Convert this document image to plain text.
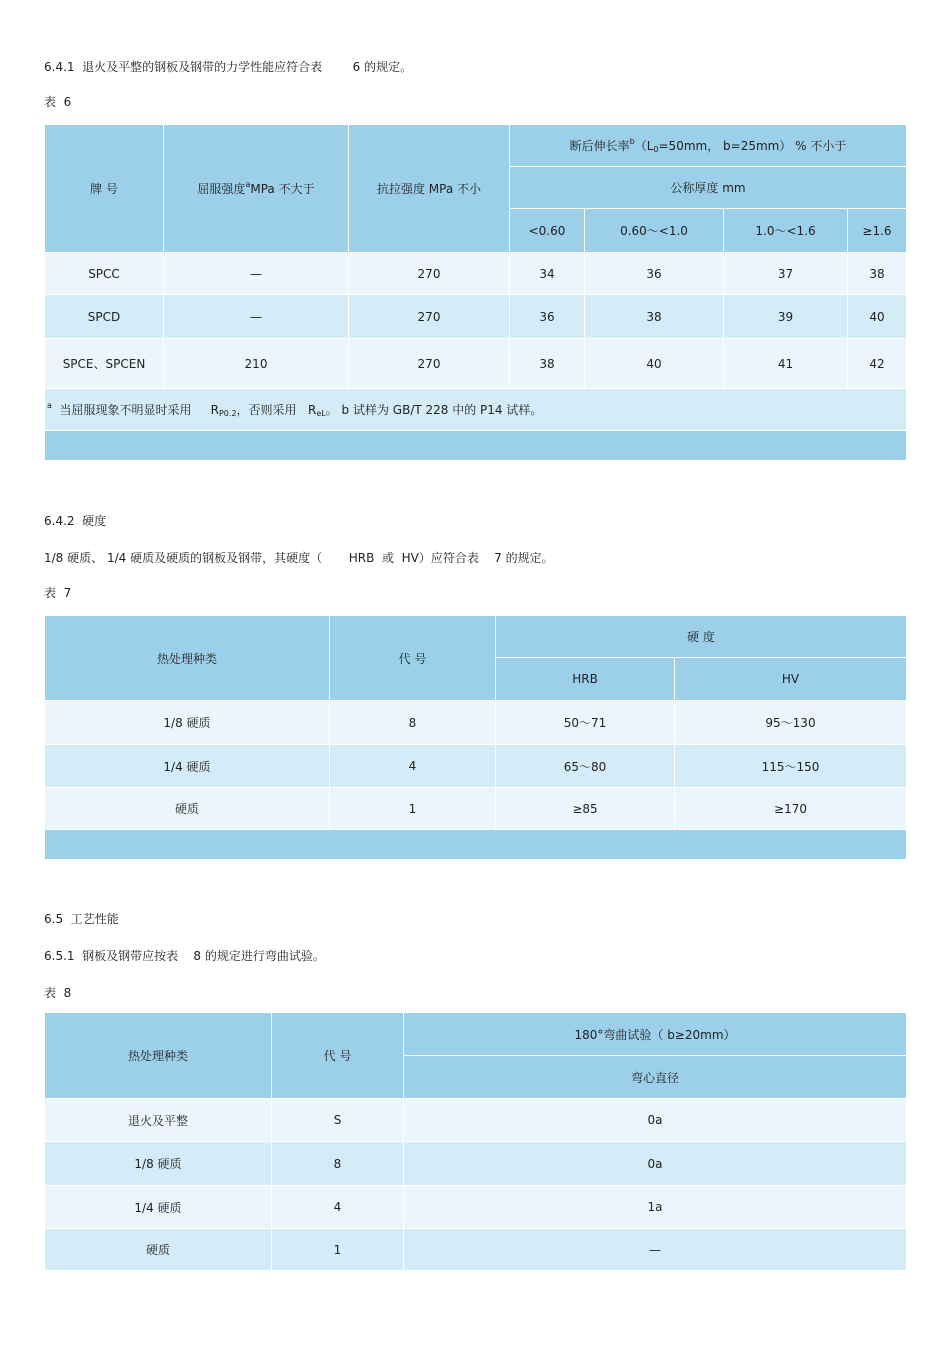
6.4.1  退火及平整的钢板及钢带的力学性能应符合表        6 的规定。
表  6
牌 号	屈服强度$^a$MPa 不大于	抗拉强度 MPa 不小	断后伸长率$^b(L_0=50mm$， b=25mm） % 不小于			
			公称厚度 mm			
			<0.60	0.60～<1.0	1.0～<1.6	≥1.6
SPCC	—	270	34	36	37	38
SPCD	—	270	36	38	39	40
SPCE、SPCEN	210	270	38	40	41	42
$^a$ 当屈服现象不明显时采用 $R_{P0.2}$，否则采用 $R_{eL}$。 b 试样为 GB/T 228 中的 P14 试样。						

6.4.2  硬度
1/8 硬质、 1/4 硬质及硬质的钢板及钢带，其硬度（       HRB  或  HV）应符合表    7 的规定。
表  7
热处理种类	代 号	硬 度	
		HRB	HV
1/8 硬质	8	50～71	95～130
1/4 硬质	4	65～80	115～150
硬质	1	≥85	≥170

6.5  工艺性能
6.5.1  钢板及钢带应按表    8 的规定进行弯曲试验。
表  8
热处理种类	代 号	180°弯曲试验（ b≥20mm）
		弯心直径
退火及平整	S	0a
1/8 硬质	8	0a
1/4 硬质	4	1a
硬质	1	—
